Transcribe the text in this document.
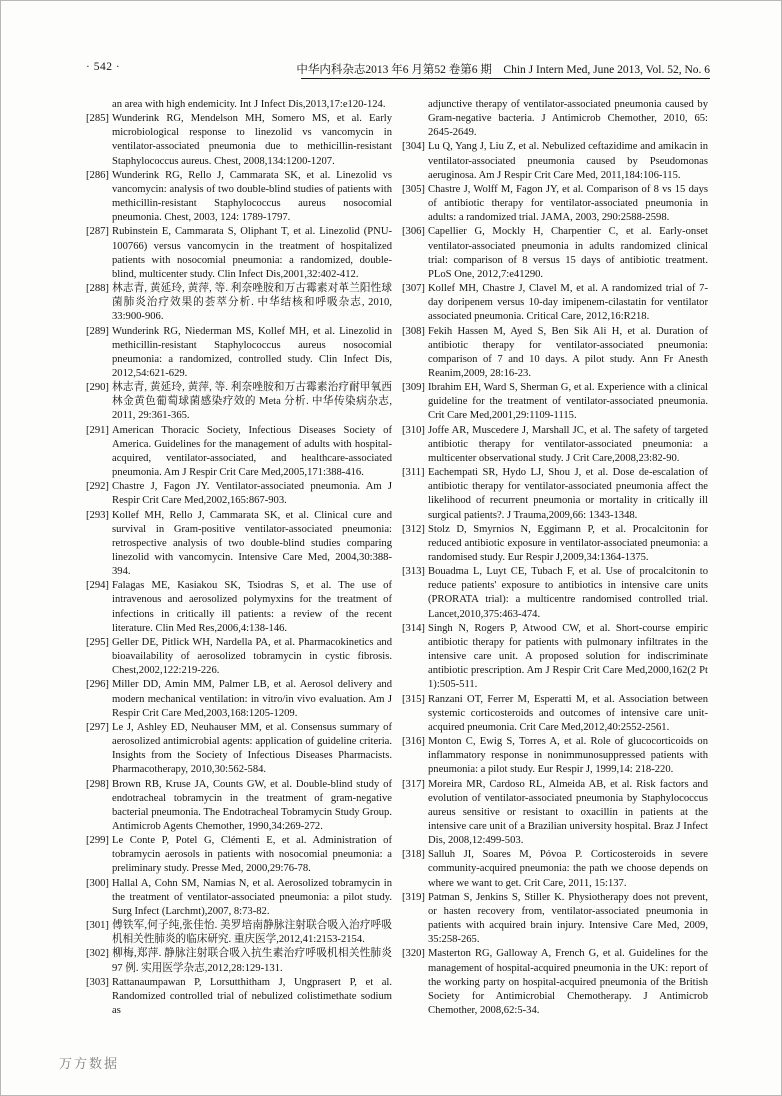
· 542 ·	中华内科杂志2013 年6 月第52 卷第6 期　Chin J Intern Med, June 2013, Vol. 52, No. 6

an area with high endemicity. Int J Infect Dis,2013,17:e120-124.

[285] Wunderink RG, Mendelson MH, Somero MS, et al. Early microbiological response to linezolid vs vancomycin in ventilator-associated pneumonia due to methicillin-resistant Staphylococcus aureus. Chest, 2008,134:1200-1207.

[286] Wunderink RG, Rello J, Cammarata SK, et al. Linezolid vs vancomycin: analysis of two double-blind studies of patients with methicillin-resistant Staphylococcus aureus nosocomial pneumonia. Chest, 2003, 124: 1789-1797.

[287] Rubinstein E, Cammarata S, Oliphant T, et al. Linezolid (PNU-100766) versus vancomycin in the treatment of hospitalized patients with nosocomial pneumonia: a randomized, double-blind, multicenter study. Clin Infect Dis,2001,32:402-412.

[288] 林志青, 黄延玲, 黄萍, 等. 利奈唑胺和万古霉素对革兰阳性球菌肺炎治疗效果的荟萃分析. 中华结核和呼吸杂志, 2010, 33:900-906.

[289] Wunderink RG, Niederman MS, Kollef MH, et al. Linezolid in methicillin-resistant Staphylococcus aureus nosocomial pneumonia: a randomized, controlled study. Clin Infect Dis, 2012,54:621-629.

[290] 林志青, 黄延玲, 黄萍, 等. 利奈唑胺和万古霉素治疗耐甲氧西林金黄色葡萄球菌感染疗效的 Meta 分析. 中华传染病杂志, 2011, 29:361-365.

[291] American Thoracic Society, Infectious Diseases Society of America. Guidelines for the management of adults with hospital-acquired, ventilator-associated, and healthcare-associated pneumonia. Am J Respir Crit Care Med,2005,171:388-416.

[292] Chastre J, Fagon JY. Ventilator-associated pneumonia. Am J Respir Crit Care Med,2002,165:867-903.

[293] Kollef MH, Rello J, Cammarata SK, et al. Clinical cure and survival in Gram-positive ventilator-associated pneumonia: retrospective analysis of two double-blind studies comparing linezolid with vancomycin. Intensive Care Med, 2004,30:388-394.

[294] Falagas ME, Kasiakou SK, Tsiodras S, et al. The use of intravenous and aerosolized polymyxins for the treatment of infections in critically ill patients: a review of the recent literature. Clin Med Res,2006,4:138-146.

[295] Geller DE, Pitlick WH, Nardella PA, et al. Pharmacokinetics and bioavailability of aerosolized tobramycin in cystic fibrosis. Chest,2002,122:219-226.

[296] Miller DD, Amin MM, Palmer LB, et al. Aerosol delivery and modern mechanical ventilation: in vitro/in vivo evaluation. Am J Respir Crit Care Med,2003,168:1205-1209.

[297] Le J, Ashley ED, Neuhauser MM, et al. Consensus summary of aerosolized antimicrobial agents: application of guideline criteria. Insights from the Society of Infectious Diseases Pharmacists. Pharmacotherapy, 2010,30:562-584.

[298] Brown RB, Kruse JA, Counts GW, et al. Double-blind study of endotracheal tobramycin in the treatment of gram-negative bacterial pneumonia. The Endotracheal Tobramycin Study Group. Antimicrob Agents Chemother, 1990,34:269-272.

[299] Le Conte P, Potel G, Clémenti E, et al. Administration of tobramycin aerosols in patients with nosocomial pneumonia: a preliminary study. Presse Med, 2000,29:76-78.

[300] Hallal A, Cohn SM, Namias N, et al. Aerosolized tobramycin in the treatment of ventilator-associated pneumonia: a pilot study. Surg Infect (Larchmt),2007, 8:73-82.

[301] 傅铁军,何子纯,张佳怡. 美罗培南静脉注射联合吸入治疗呼吸机相关性肺炎的临床研究. 重庆医学,2012,41:2153-2154.

[302] 柳梅,郑萍. 静脉注射联合吸入抗生素治疗呼吸机相关性肺炎 97 例. 实用医学杂志,2012,28:129-131.

[303] Rattanaumpawan P, Lorsutthitham J, Ungprasert P, et al. Randomized controlled trial of nebulized colistimethate sodium as

adjunctive therapy of ventilator-associated pneumonia caused by Gram-negative bacteria. J Antimicrob Chemother, 2010, 65: 2645-2649.

[304] Lu Q, Yang J, Liu Z, et al. Nebulized ceftazidime and amikacin in ventilator-associated pneumonia caused by Pseudomonas aeruginosa. Am J Respir Crit Care Med, 2011,184:106-115.

[305] Chastre J, Wolff M, Fagon JY, et al. Comparison of 8 vs 15 days of antibiotic therapy for ventilator-associated pneumonia in adults: a randomized trial. JAMA, 2003, 290:2588-2598.

[306] Capellier G, Mockly H, Charpentier C, et al. Early-onset ventilator-associated pneumonia in adults randomized clinical trial: comparison of 8 versus 15 days of antibiotic treatment. PLoS One, 2012,7:e41290.

[307] Kollef MH, Chastre J, Clavel M, et al. A randomized trial of 7-day doripenem versus 10-day imipenem-cilastatin for ventilator associated pneumonia. Critical Care, 2012,16:R218.

[308] Fekih Hassen M, Ayed S, Ben Sik Ali H, et al. Duration of antibiotic therapy for ventilator-associated pneumonia: comparison of 7 and 10 days. A pilot study. Ann Fr Anesth Reanim,2009, 28:16-23.

[309] Ibrahim EH, Ward S, Sherman G, et al. Experience with a clinical guideline for the treatment of ventilator-associated pneumonia. Crit Care Med,2001,29:1109-1115.

[310] Joffe AR, Muscedere J, Marshall JC, et al. The safety of targeted antibiotic therapy for ventilator-associated pneumonia: a multicenter observational study. J Crit Care,2008,23:82-90.

[311] Eachempati SR, Hydo LJ, Shou J, et al. Dose de-escalation of antibiotic therapy for ventilator-associated pneumonia affect the likelihood of recurrent pneumonia or mortality in critically ill surgical patients?. J Trauma,2009,66: 1343-1348.

[312] Stolz D, Smyrnios N, Eggimann P, et al. Procalcitonin for reduced antibiotic exposure in ventilator-associated pneumonia: a randomised study. Eur Respir J,2009,34:1364-1375.

[313] Bouadma L, Luyt CE, Tubach F, et al. Use of procalcitonin to reduce patients' exposure to antibiotics in intensive care units (PRORATA trial): a multicentre randomised controlled trial. Lancet,2010,375:463-474.

[314] Singh N, Rogers P, Atwood CW, et al. Short-course empiric antibiotic therapy for patients with pulmonary infiltrates in the intensive care unit. A proposed solution for indiscriminate antibiotic prescription. Am J Respir Crit Care Med,2000,162(2 Pt 1):505-511.

[315] Ranzani OT, Ferrer M, Esperatti M, et al. Association between systemic corticosteroids and outcomes of intensive care unit-acquired pneumonia. Crit Care Med,2012,40:2552-2561.

[316] Monton C, Ewig S, Torres A, et al. Role of glucocorticoids on inflammatory response in nonimmunosuppressed patients with pneumonia: a pilot study. Eur Respir J, 1999,14: 218-220.

[317] Moreira MR, Cardoso RL, Almeida AB, et al. Risk factors and evolution of ventilator-associated pneumonia by Staphylococcus aureus sensitive or resistant to oxacillin in patients at the intensive care unit of a Brazilian university hospital. Braz J Infect Dis, 2008,12:499-503.

[318] Salluh JI, Soares M, Póvoa P. Corticosteroids in severe community-acquired pneumonia: the path we choose depends on where we want to get. Crit Care, 2011, 15:137.

[319] Patman S, Jenkins S, Stiller K. Physiotherapy does not prevent, or hasten recovery from, ventilator-associated pneumonia in patients with acquired brain injury. Intensive Care Med, 2009, 35:258-265.

[320] Masterton RG, Galloway A, French G, et al. Guidelines for the management of hospital-acquired pneumonia in the UK: report of the working party on hospital-acquired pneumonia of the British Society for Antimicrobial Chemotherapy. J Antimicrob Chemother, 2008,62:5-34.

万方数据
